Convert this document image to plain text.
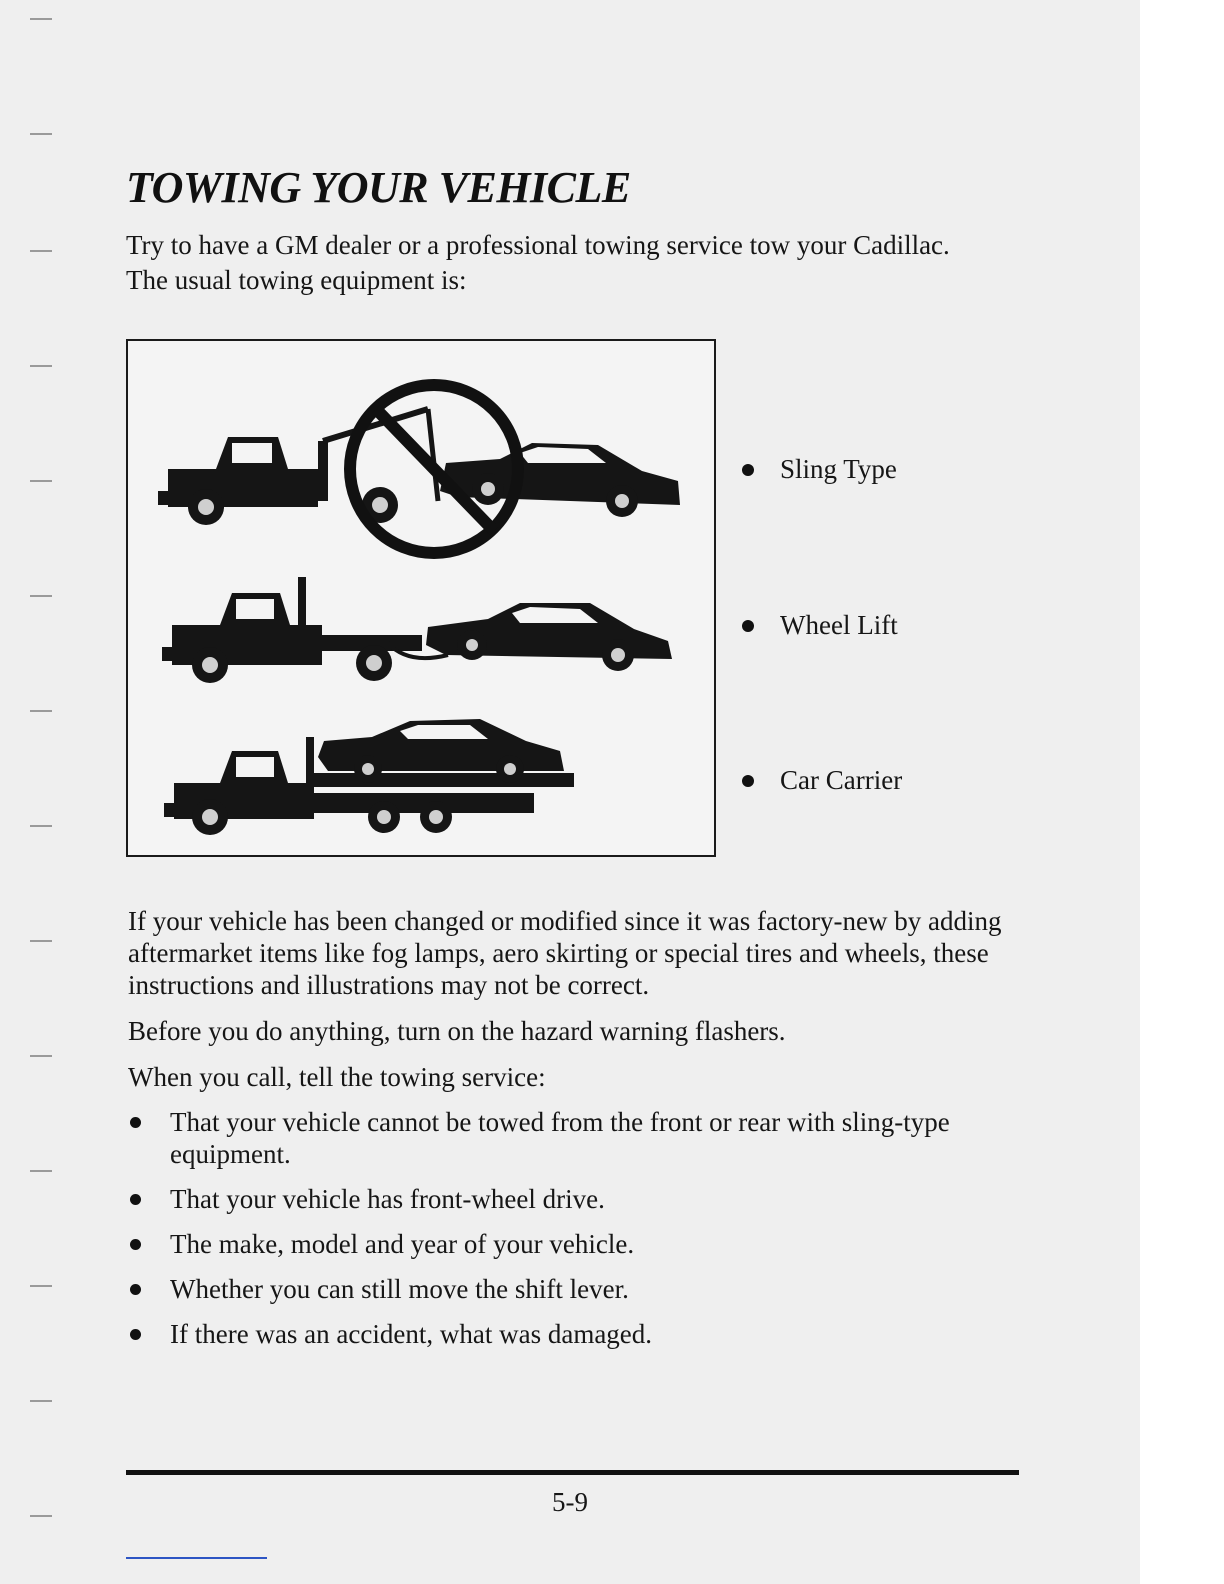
TOWING YOUR VEHICLE

Try to have a GM dealer or a professional towing service tow your Cadillac. The usual towing equipment is:

Sling Type
Wheel Lift
Car Carrier

If your vehicle has been changed or modified since it was factory-new by adding aftermarket items like fog lamps, aero skirting or special tires and wheels, these instructions and illustrations may not be correct.

Before you do anything, turn on the hazard warning flashers.

When you call, tell the towing service:

That your vehicle cannot be towed from the front or rear with sling-type equipment.
That your vehicle has front-wheel drive.
The make, model and year of your vehicle.
Whether you can still move the shift lever.
If there was an accident, what was damaged.
5-9
